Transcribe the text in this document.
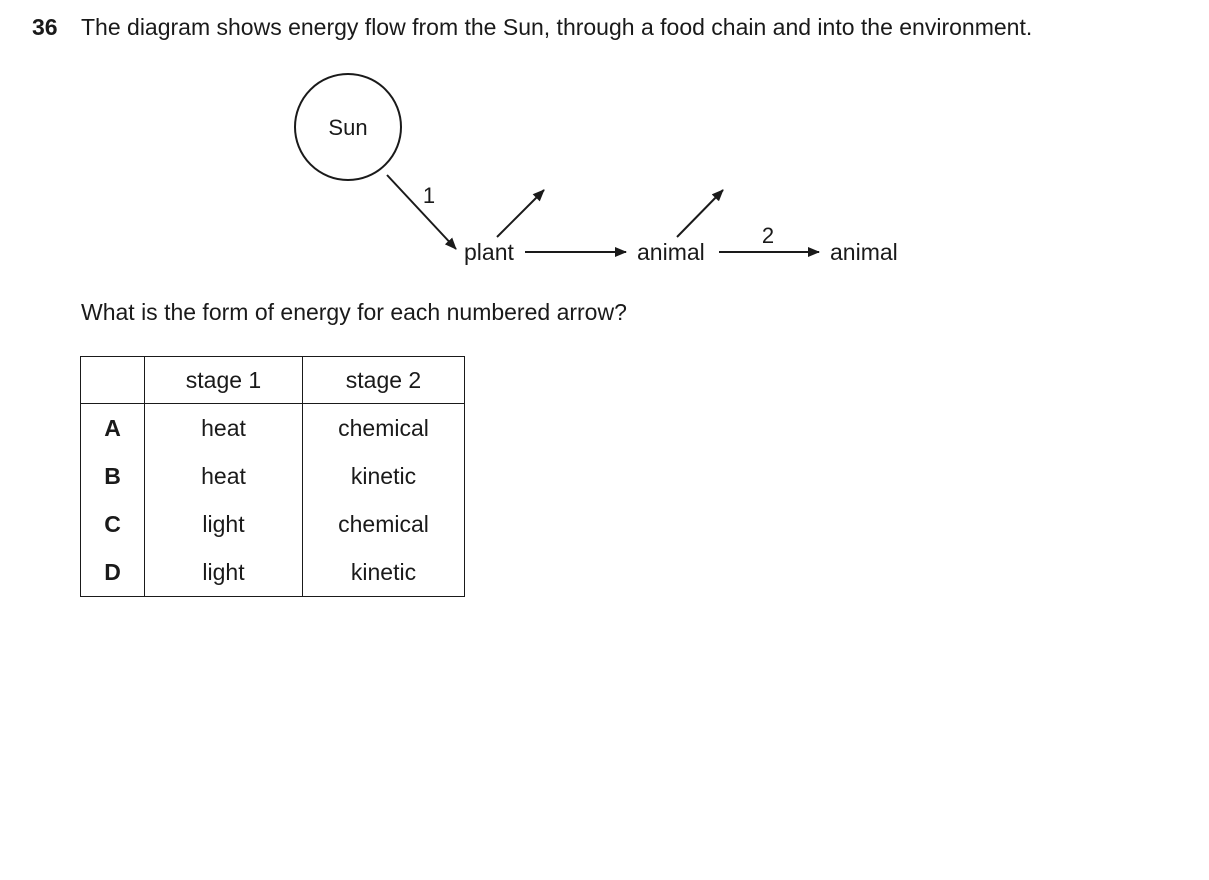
36 The diagram shows energy flow from the Sun, through a food chain and into the environment.
Sun
1
plant	animal
2
animal
What is the form of energy for each numbered arrow?
	stage 1	stage 2
A	heat	chemical
B	heat	kinetic
C	light	chemical
D	light	kinetic
